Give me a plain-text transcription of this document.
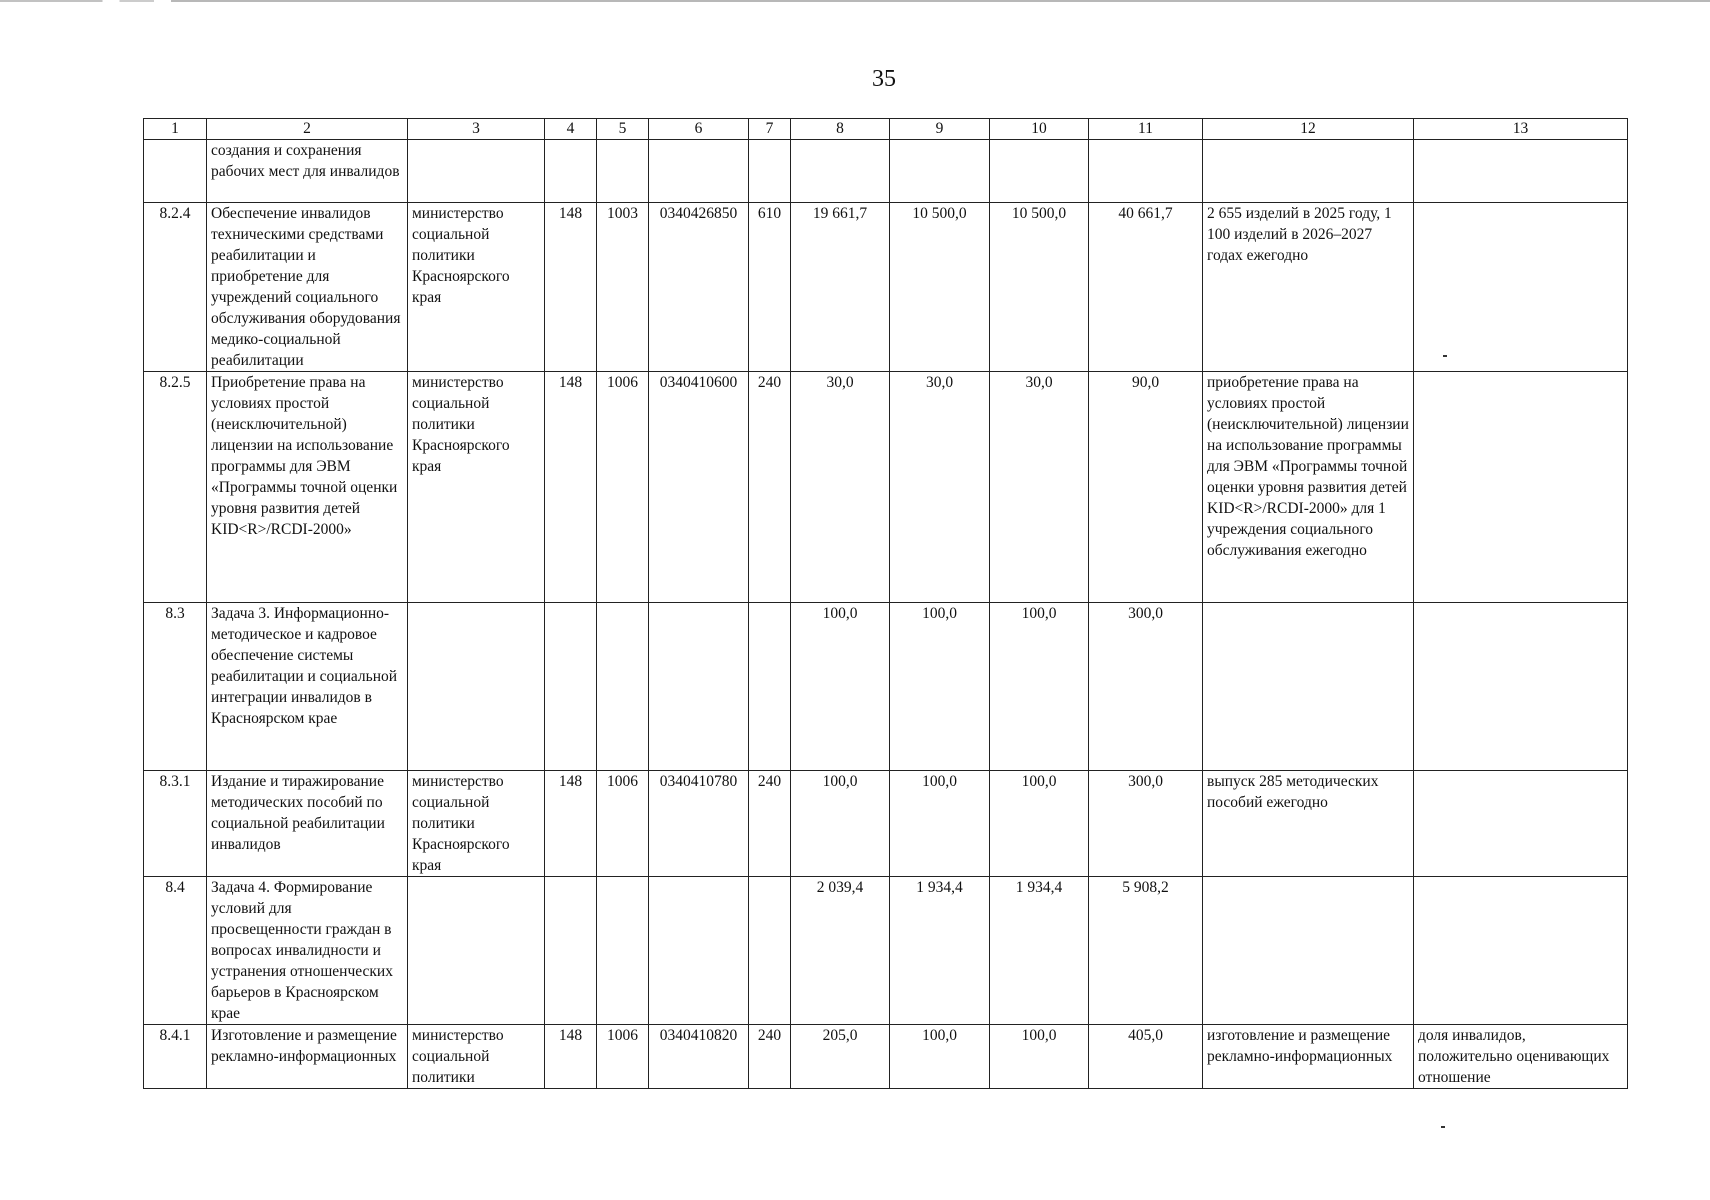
35
1	2	3	4	5	6	7	8	9	10	11	12	13
	создания и сохранения рабочих мест для инвалидов											
8.2.4	Обеспечение инвалидов техническими средствами реабилитации и приобретение для учреждений социального обслуживания оборудования медико-социальной реабилитации	министерство социальной политики Красноярского края	148	1003	0340426850	610	19 661,7	10 500,0	10 500,0	40 661,7	2 655 изделий в 2025 году, 1 100 изделий в 2026–2027 годах ежегодно	
8.2.5	Приобретение права на условиях простой (неисключительной) лицензии на использование программы для ЭВМ «Программы точной оценки уровня развития детей KID<R>/RCDI-2000»	министерство социальной политики Красноярского края	148	1006	0340410600	240	30,0	30,0	30,0	90,0	приобретение права на условиях простой (неисключительной) лицензии на использование программы для ЭВМ «Программы точной оценки уровня развития детей KID<R>/RCDI-2000» для 1 учреждения социального обслуживания ежегодно	
8.3	Задача 3. Информационно-методическое и кадровое обеспечение системы реабилитации и социальной интеграции инвалидов в Красноярском крае						100,0	100,0	100,0	300,0		
8.3.1	Издание и тиражирование методических пособий по социальной реабилитации инвалидов	министерство социальной политики Красноярского края	148	1006	0340410780	240	100,0	100,0	100,0	300,0	выпуск 285 методических пособий ежегодно	
8.4	Задача 4. Формирование условий для просвещенности граждан в вопросах инвалидности и устранения отношенческих барьеров в Красноярском крае						2 039,4	1 934,4	1 934,4	5 908,2		
8.4.1	Изготовление и размещение рекламно-информационных	министерство социальной политики	148	1006	0340410820	240	205,0	100,0	100,0	405,0	изготовление и размещение рекламно-информационных	доля инвалидов, положительно оценивающих отношение
